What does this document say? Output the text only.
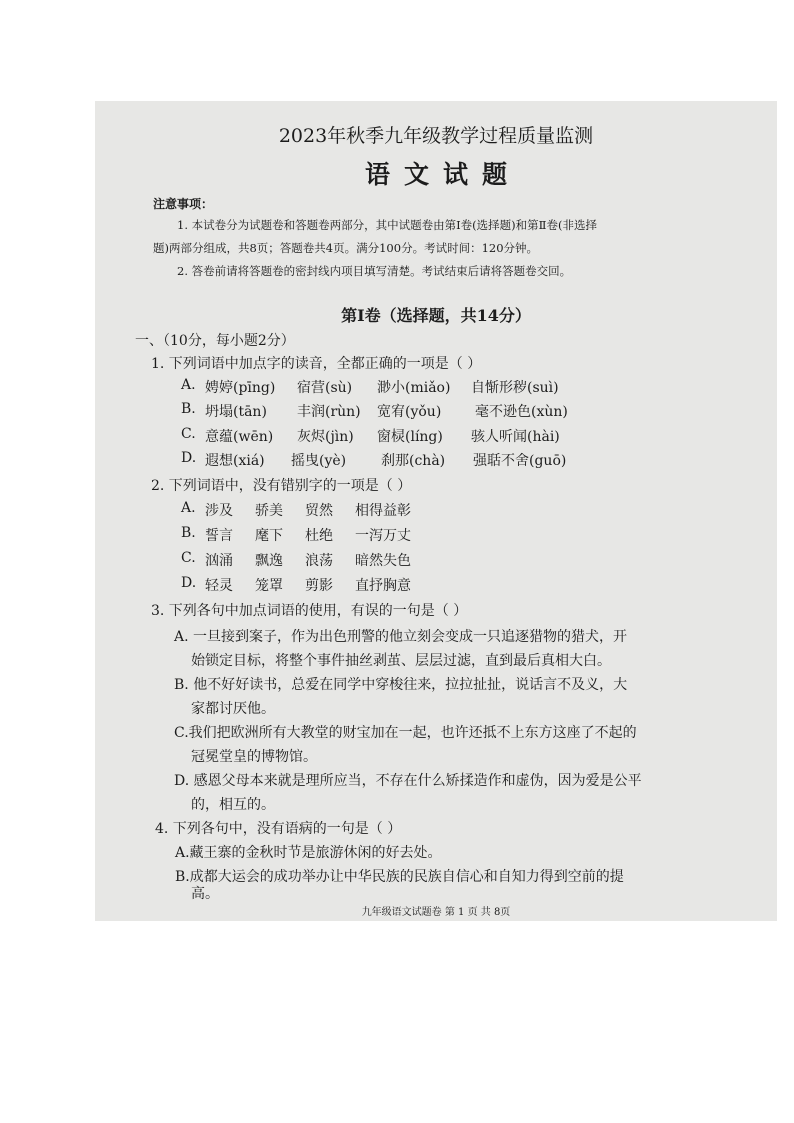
2023年秋季九年级教学过程质量监测
语文试题
注意事项：
1. 本试卷分为试题卷和答题卷两部分，其中试题卷由第Ⅰ卷(选择题)和第Ⅱ卷(非选择
题)两部分组成，共8页；答题卷共4页。满分100分。考试时间：120分钟。
2. 答卷前请将答题卷的密封线内项目填写清楚。考试结束后请将答题卷交回。
第Ⅰ卷（选择题，共14分）
一、（10分，每小题2分）
1. 下列词语中加点字的读音，全都正确的一项是（ ）
A. 娉婷(pīng) 宿营(sù) 渺小(miǎo) 自惭形秽(suì)
B. 坍塌(tān) 丰润(rùn) 宽宥(yǒu) 毫不逊色(xùn)
C. 意蕴(wēn) 灰烬(jìn) 窗棂(líng) 骇人听闻(hài)
D. 遐想(xiá) 摇曳(yè) 刹那(chà) 强聒不舍(guō)
2. 下列词语中，没有错别字的一项是（ ）
A. 涉及 骄美 贸然 相得益彰
B. 誓言 麾下 杜绝 一泻万丈
C. 汹涌 飘逸 浪荡 暗然失色
D. 轻灵 笼罩 剪影 直抒胸意
3. 下列各句中加点词语的使用，有误的一句是（ ）
A. 一旦接到案子，作为出色刑警的他立刻会变成一只追逐猎物的猎犬，开
始锁定目标，将整个事件抽丝剥茧、层层过滤，直到最后真相大白。
B. 他不好好读书，总爱在同学中穿梭往来，拉拉扯扯，说话言不及义，大
家都讨厌他。
C.我们把欧洲所有大教堂的财宝加在一起，也许还抵不上东方这座了不起的
冠冕堂皇的博物馆。
D. 感恩父母本来就是理所应当，不存在什么矫揉造作和虚伪，因为爱是公平
的，相互的。
4. 下列各句中，没有语病的一句是（ ）
A.藏王寨的金秋时节是旅游休闲的好去处。
B.成都大运会的成功举办让中华民族的民族自信心和自知力得到空前的提
高。
九年级语文试题卷 第 1 页 共 8页
